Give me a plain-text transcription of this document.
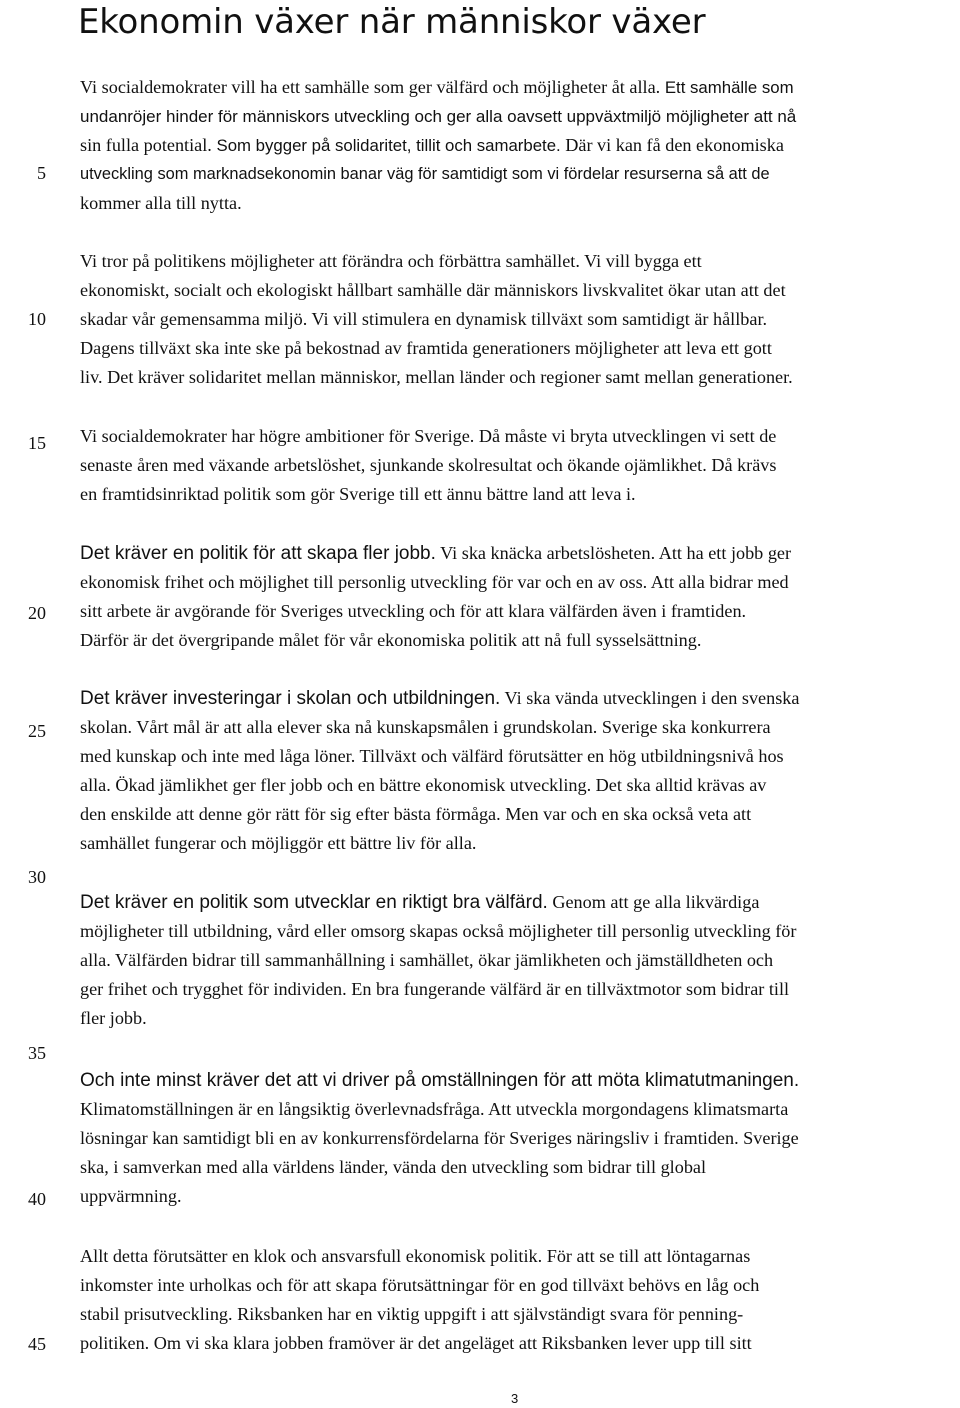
Ekonomin växer när människor växer
5
10
15
20
25
30
35
40
45
Vi socialdemokrater vill ha ett samhälle som ger välfärd och möjligheter åt alla. Ett samhälle som
undanröjer hinder för människors utveckling och ger alla oavsett uppväxtmiljö möjligheter att nå
sin fulla potential. Som bygger på solidaritet, tillit och samarbete. Där vi kan få den ekonomiska
utveckling som marknadsekonomin banar väg för samtidigt som vi fördelar resurserna så att de
kommer alla till nytta.
Vi tror på politikens möjligheter att förändra och förbättra samhället. Vi vill bygga ett
ekonomiskt, socialt och ekologiskt hållbart samhälle där människors livskvalitet ökar utan att det
skadar vår gemensamma miljö. Vi vill stimulera en dynamisk tillväxt som samtidigt är hållbar.
Dagens tillväxt ska inte ske på bekostnad av framtida generationers möjligheter att leva ett gott
liv. Det kräver solidaritet mellan människor, mellan länder och regioner samt mellan generationer.
Vi socialdemokrater har högre ambitioner för Sverige. Då måste vi bryta utvecklingen vi sett de
senaste åren med växande arbetslöshet, sjunkande skolresultat och ökande ojämlikhet. Då krävs
en framtidsinriktad politik som gör Sverige till ett ännu bättre land att leva i.
Det kräver en politik för att skapa fler jobb. Vi ska knäcka arbetslösheten. Att ha ett jobb ger
ekonomisk frihet och möjlighet till personlig utveckling för var och en av oss. Att alla bidrar med
sitt arbete är avgörande för Sveriges utveckling och för att klara välfärden även i framtiden.
Därför är det övergripande målet för vår ekonomiska politik att nå full sysselsättning.
Det kräver investeringar i skolan och utbildningen. Vi ska vända utvecklingen i den svenska
skolan. Vårt mål är att alla elever ska nå kunskapsmålen i grundskolan. Sverige ska konkurrera
med kunskap och inte med låga löner. Tillväxt och välfärd förutsätter en hög utbildningsnivå hos
alla. Ökad jämlikhet ger fler jobb och en bättre ekonomisk utveckling. Det ska alltid krävas av
den enskilde att denne gör rätt för sig efter bästa förmåga. Men var och en ska också veta att
samhället fungerar och möjliggör ett bättre liv för alla.
Det kräver en politik som utvecklar en riktigt bra välfärd. Genom att ge alla likvärdiga
möjligheter till utbildning, vård eller omsorg skapas också möjligheter till personlig utveckling för
alla. Välfärden bidrar till sammanhållning i samhället, ökar jämlikheten och jämställdheten och
ger frihet och trygghet för individen. En bra fungerande välfärd är en tillväxtmotor som bidrar till
fler jobb.
Och inte minst kräver det att vi driver på omställningen för att möta klimatutmaningen.
Klimatomställningen är en långsiktig överlevnadsfråga. Att utveckla morgondagens klimatsmarta
lösningar kan samtidigt bli en av konkurrensfördelarna för Sveriges näringsliv i framtiden. Sverige
ska, i samverkan med alla världens länder, vända den utveckling som bidrar till global
uppvärmning.
Allt detta förutsätter en klok och ansvarsfull ekonomisk politik. För att se till att löntagarnas
inkomster inte urholkas och för att skapa förutsättningar för en god tillväxt behövs en låg och
stabil prisutveckling. Riksbanken har en viktig uppgift i att självständigt svara för penning-
politiken. Om vi ska klara jobben framöver är det angeläget att Riksbanken lever upp till sitt
3
